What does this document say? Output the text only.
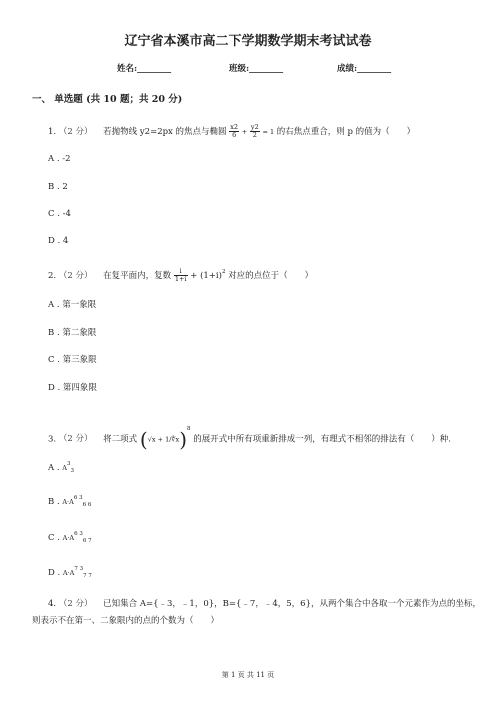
辽宁省本溪市高二下学期数学期末考试试卷
姓名:________	班级:________	成绩:________
一、 单选题 (共 10 题；共 20 分)
1. （2 分） 若抛物线 y2=2px 的焦点与椭圆 $\frac{x2}{6} + \frac{y2}{2} = 1$ 的右焦点重合，则 p 的值为（　　）
A . -2
B . 2
C . -4
D . 4
2. （2 分） 在复平面内，复数 $\frac{i}{1+i} + (1+i)^2$ 对应的点位于（　　）
A . 第一象限
B . 第二象限
C . 第三象限
D . 第四象限
3. （2 分） 将二项式 (√x + 1/∜x)$^8$ 的展开式中所有项重新排成一列，有理式不相邻的排法有（　　）种.
A . $A^3_3$
B . $A\cdot A^{6 3}_{6 6}$
C . $A\cdot A^{6 3}_{6 7}$
D . $A\cdot A^{7 3}_{7 7}$
4. （2 分） 已知集合 A={﹣3，﹣1，0}，B={﹣7，﹣4，5，6}，从两个集合中各取一个元素作为点的坐标，
则表示不在第一、二象限内的点的个数为（　　）
第 1 页 共 11 页
